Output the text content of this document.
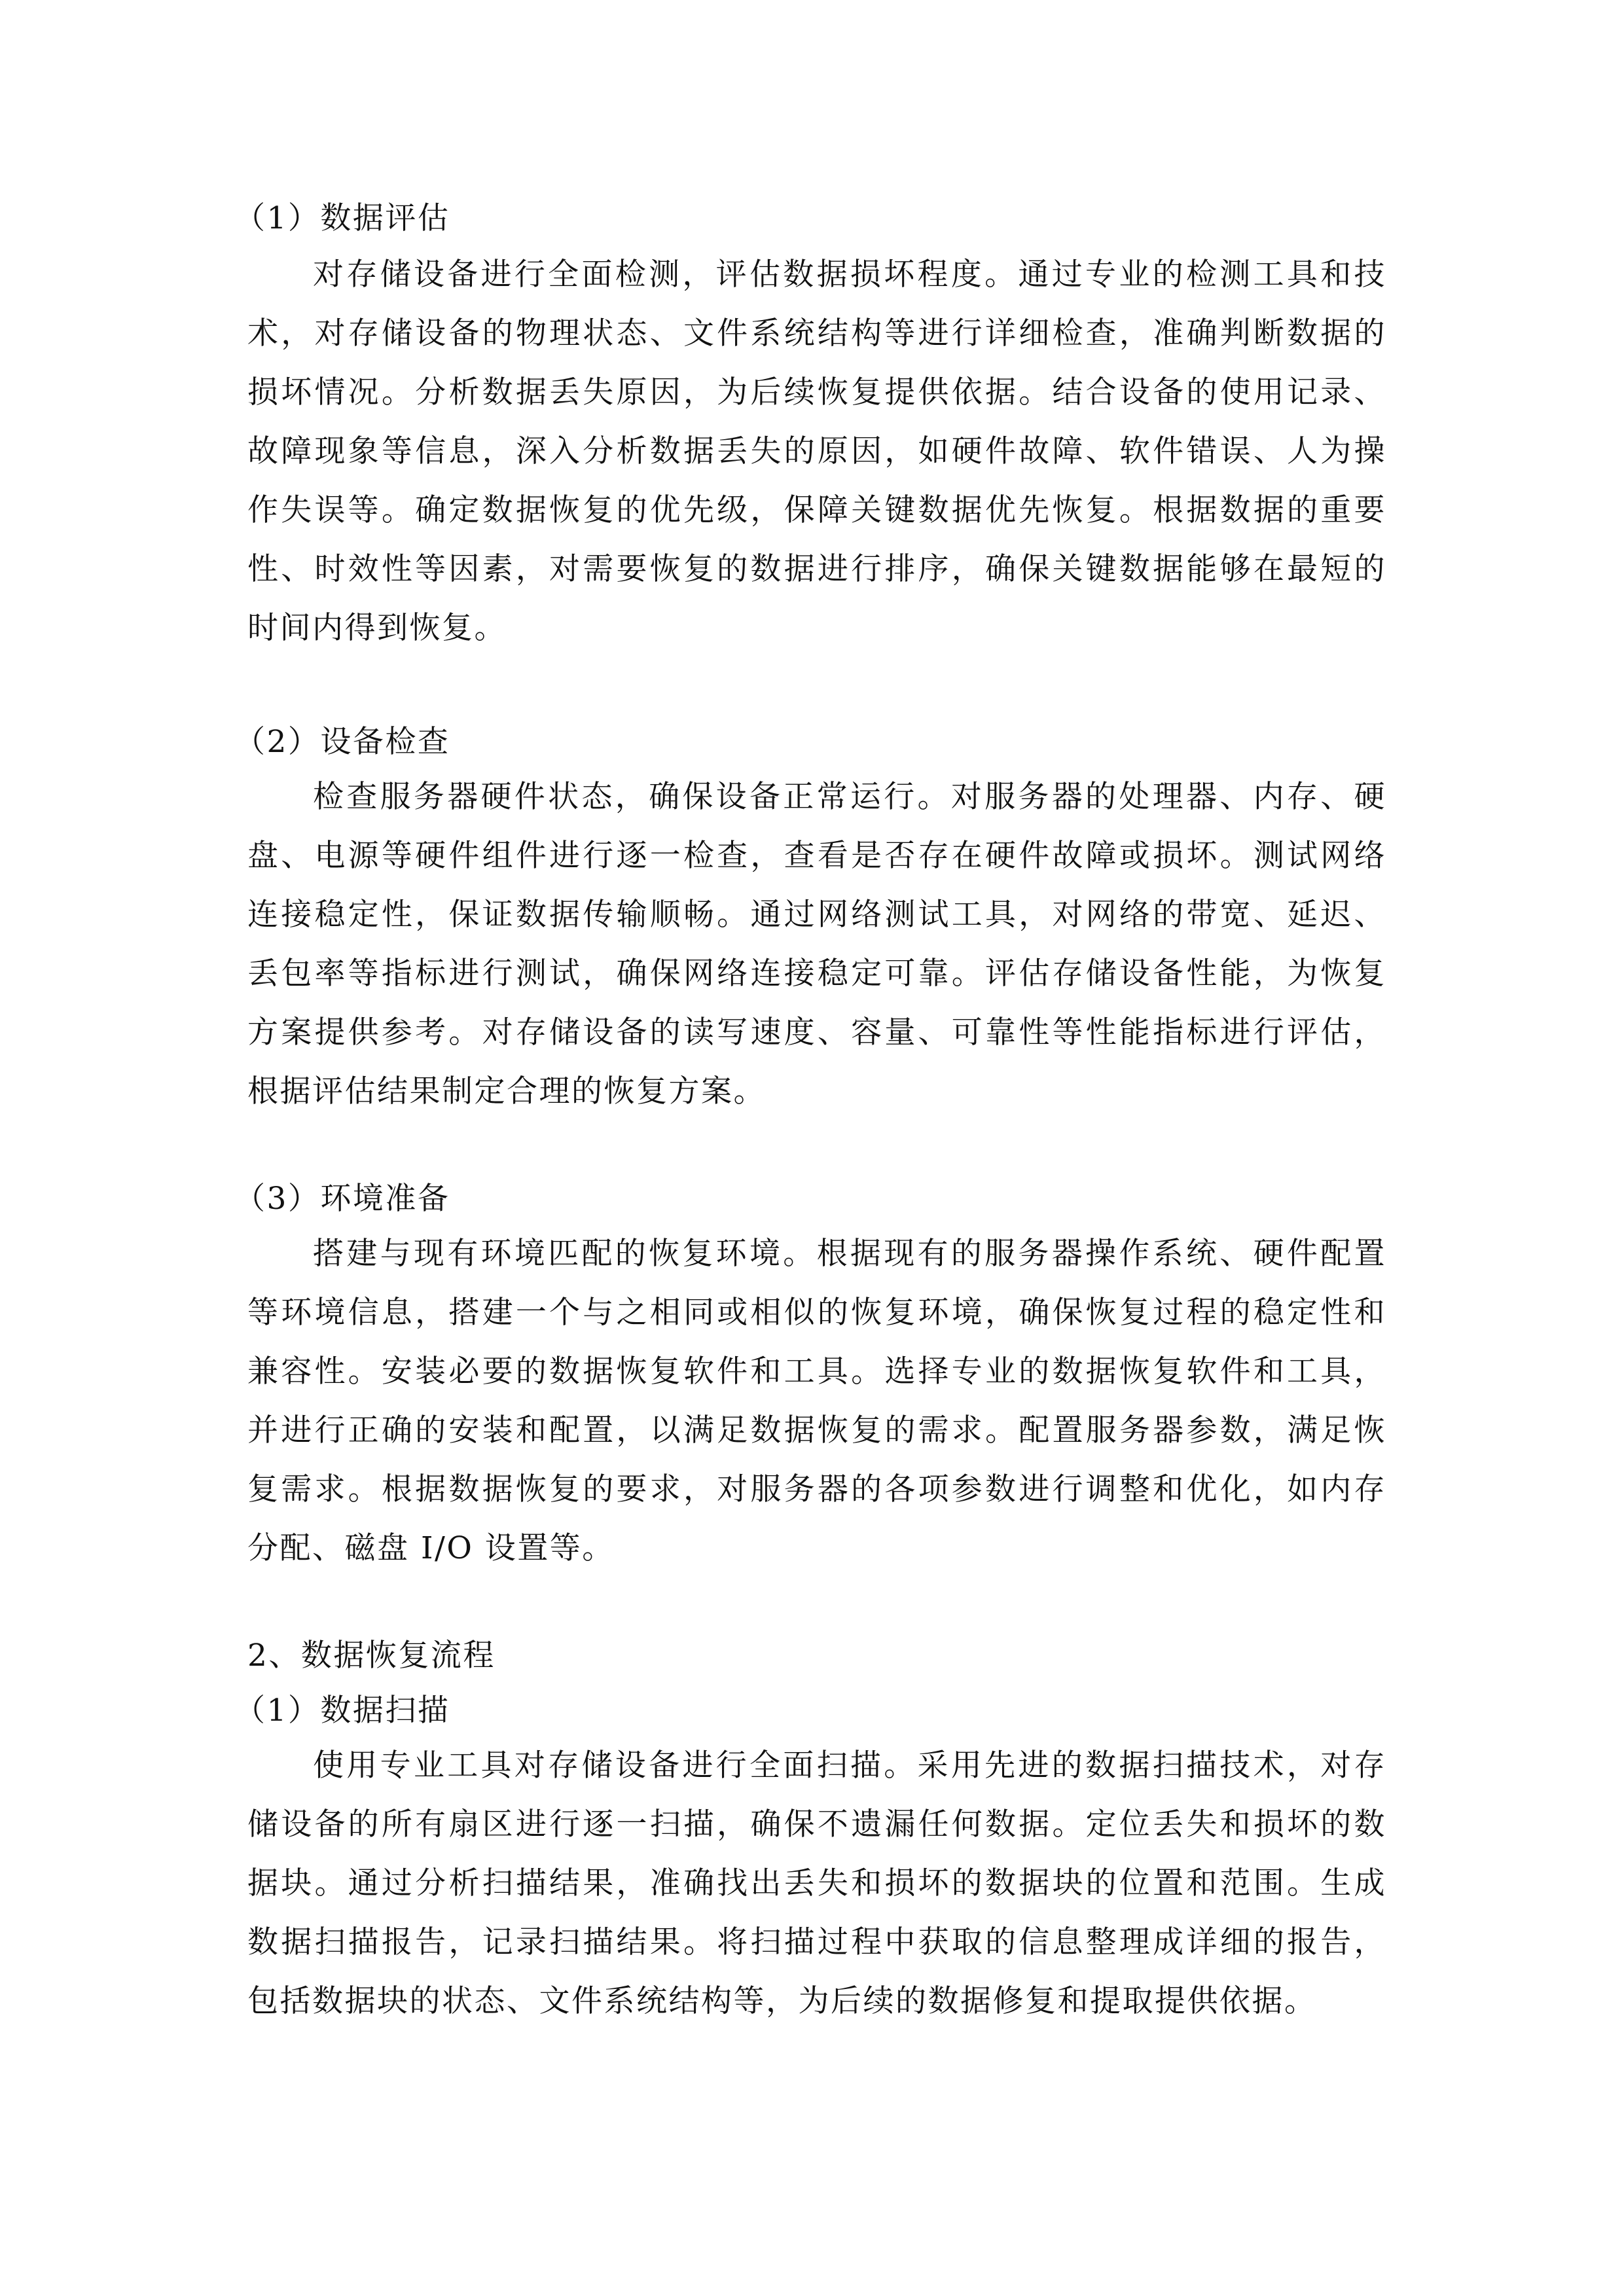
（1）数据评估

对存储设备进行全面检测，评估数据损坏程度。通过专业的检测工具和技

术，对存储设备的物理状态、文件系统结构等进行详细检查，准确判断数据的

损坏情况。分析数据丢失原因，为后续恢复提供依据。结合设备的使用记录、

故障现象等信息，深入分析数据丢失的原因，如硬件故障、软件错误、人为操

作失误等。确定数据恢复的优先级，保障关键数据优先恢复。根据数据的重要

性、时效性等因素，对需要恢复的数据进行排序，确保关键数据能够在最短的

时间内得到恢复。

（2）设备检查

检查服务器硬件状态，确保设备正常运行。对服务器的处理器、内存、硬

盘、电源等硬件组件进行逐一检查，查看是否存在硬件故障或损坏。测试网络

连接稳定性，保证数据传输顺畅。通过网络测试工具，对网络的带宽、延迟、

丢包率等指标进行测试，确保网络连接稳定可靠。评估存储设备性能，为恢复

方案提供参考。对存储设备的读写速度、容量、可靠性等性能指标进行评估，

根据评估结果制定合理的恢复方案。

（3）环境准备

搭建与现有环境匹配的恢复环境。根据现有的服务器操作系统、硬件配置

等环境信息，搭建一个与之相同或相似的恢复环境，确保恢复过程的稳定性和

兼容性。安装必要的数据恢复软件和工具。选择专业的数据恢复软件和工具，

并进行正确的安装和配置，以满足数据恢复的需求。配置服务器参数，满足恢

复需求。根据数据恢复的要求，对服务器的各项参数进行调整和优化，如内存

分配、磁盘 I/O 设置等。

2、数据恢复流程

（1）数据扫描

使用专业工具对存储设备进行全面扫描。采用先进的数据扫描技术，对存

储设备的所有扇区进行逐一扫描，确保不遗漏任何数据。定位丢失和损坏的数

据块。通过分析扫描结果，准确找出丢失和损坏的数据块的位置和范围。生成

数据扫描报告，记录扫描结果。将扫描过程中获取的信息整理成详细的报告，

包括数据块的状态、文件系统结构等，为后续的数据修复和提取提供依据。
